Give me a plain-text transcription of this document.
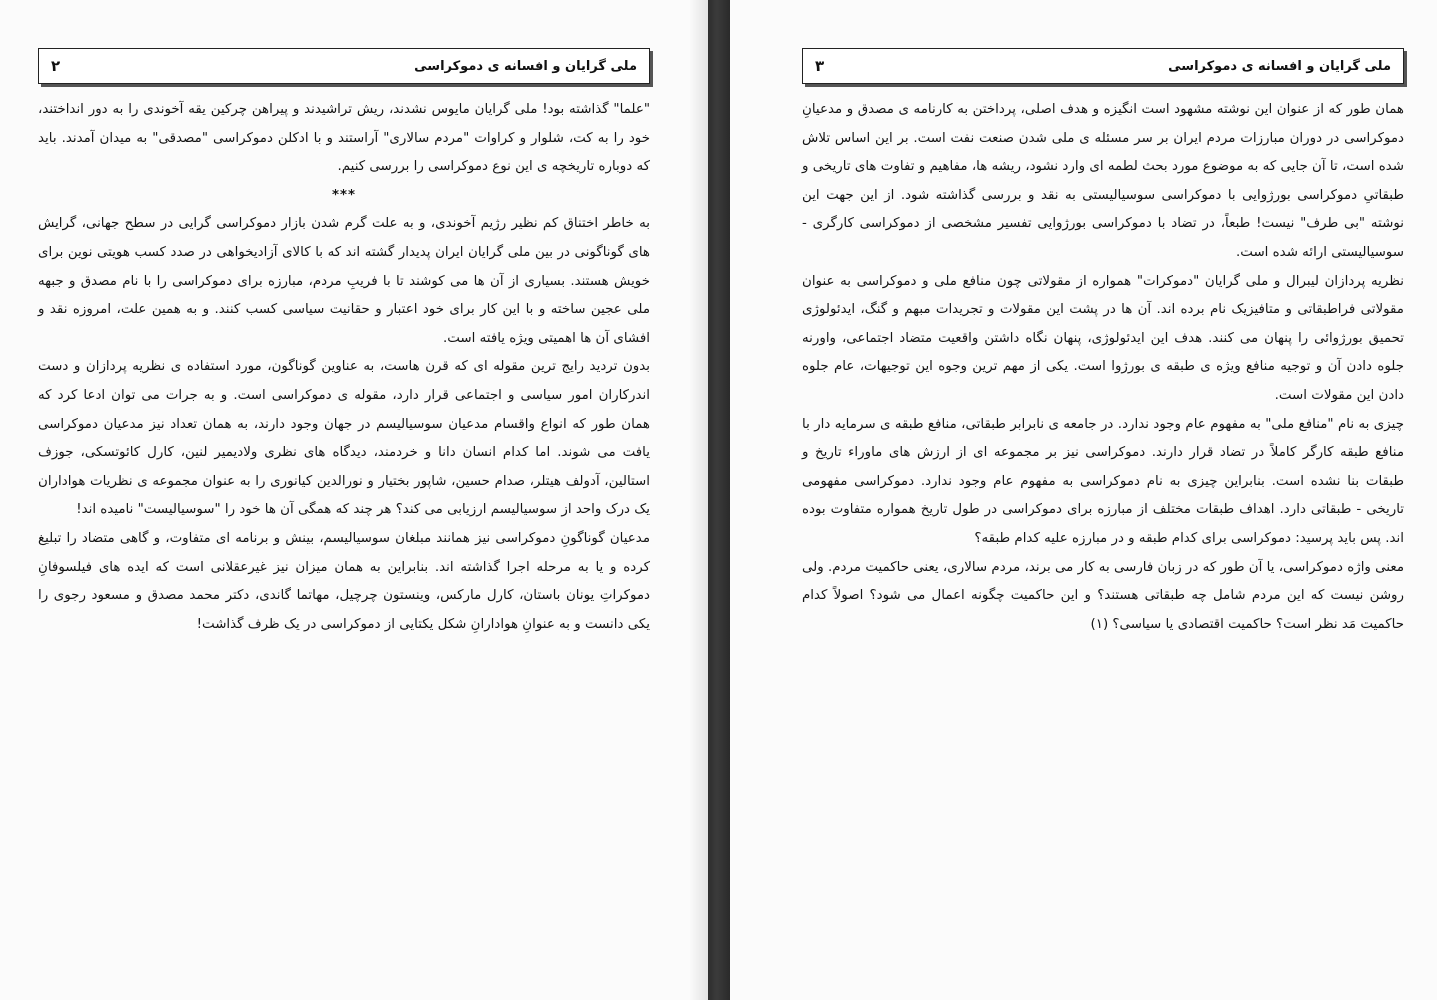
۲	ملی گرایان و افسانه ی دموکراسی

"علما" گذاشته بود! ملی گرایان مایوس نشدند، ریش تراشیدند و پیراهن چرکین یقه آخوندی را به دور انداختند، خود را به کت، شلوار و کراوات "مردم سالاری" آراستند و با ادکلن دموکراسی "مصدقی" به میدان آمدند. باید که دوباره تاریخچه ی این نوع دموکراسی را بررسی کنیم.

***

به خاطر اختناق کم نظیر رژیم آخوندی، و به علت گرم شدن بازار دموکراسی گرایی در سطح جهانی، گرایش های گوناگونی در بین ملی گرایان ایران پدیدار گشته اند که با کالای آزادیخواهی در صدد کسب هویتی نوین برای خویش هستند. بسیاری از آن ها می کوشند تا با فریبِ مردم، مبارزه برای دموکراسی را با نام مصدق و جبهه ملی عجین ساخته و با این کار برای خود اعتبار و حقانیت سیاسی کسب کنند. و به همین علت، امروزه نقد و افشای آن ها اهمیتی ویژه یافته است.

بدون تردید رایج ترین مقوله ای که قرن هاست، به عناوین گوناگون، مورد استفاده ی نظریه پردازان و دست اندرکاران امور سیاسی و اجتماعی قرار دارد، مقوله ی دموکراسی است. و به جرات می توان ادعا کرد که همان طور که انواع واقسام مدعیان سوسیالیسم در جهان وجود دارند، به همان تعداد نیز مدعیان دموکراسی یافت می شوند. اما کدام انسان دانا و خردمند، دیدگاه های نظری ولادیمیر لنین، کارل کائوتسکی، جوزف استالین، آدولف هیتلر، صدام حسین، شاپور بختیار و نورالدین کیانوری را به عنوان مجموعه ی نظریات هواداران یک درک واحد از سوسیالیسم ارزیابی می کند؟ هر چند که همگی آن ها خود را "سوسیالیست" نامیده اند!

مدعیان گوناگونِ دموکراسی نیز همانند مبلغان سوسیالیسم، بینش و برنامه ای متفاوت، و گاهی متضاد را تبلیغ کرده و یا به مرحله اجرا گذاشته اند. بنابراین به همان میزان نیز غیرعقلانی است که ایده های فیلسوفانِ دموکراتِ یونان باستان، کارل مارکس، وینستون چرچیل، مهاتما گاندی، دکتر محمد مصدق و مسعود رجوی را یکی دانست و به عنوانِ هوادارانِ شکل یکتایی از دموکراسی در یک ظرف گذاشت!

۳	ملی گرایان و افسانه ی دموکراسی

همان طور که از عنوان این نوشته مشهود است انگیزه و هدف اصلی، پرداختن به کارنامه ی مصدق و مدعیانِ دموکراسی در دوران مبارزات مردم ایران بر سر مسئله ی ملی شدن صنعت نفت است. بر این اساس تلاش شده است، تا آن جایی که به موضوع مورد بحث لطمه ای وارد نشود، ریشه ها، مفاهیم و تفاوت های تاریخی و طبقاتیِ دموکراسی بورژوایی با دموکراسی سوسیالیستی به نقد و بررسی گذاشته شود. از این جهت این نوشته "بی طرف" نیست! طبعاً، در تضاد با دموکراسی بورژوایی تفسیر مشخصی از دموکراسی کارگری - سوسیالیستی ارائه شده است.

نظریه پردازان لیبرال و ملی گرایان "دموکرات" همواره از مقولاتی چون منافع ملی و دموکراسی به عنوان مقولاتی فراطبقاتی و متافیزیک نام برده اند. آن ها در پشت این مقولات و تجریدات مبهم و گنگ، ایدئولوژی تحمیق بورژوائی را پنهان می کنند. هدف این ایدئولوژی، پنهان نگاه داشتن واقعیت متضاد اجتماعی، واورنه جلوه دادن آن و توجیه منافع ویژه ی طبقه ی بورژوا است. یکی از مهم ترین وجوه این توجیهات، عام جلوه دادن این مقولات است.

چیزی به نام "منافع ملی" به مفهوم عام وجود ندارد. در جامعه ی نابرابر طبقاتی، منافع طبقه ی سرمایه دار با منافع طبقه کارگر کاملاً در تضاد قرار دارند. دموکراسی نیز بر مجموعه ای از ارزش های ماوراء تاریخ و طبقات بنا نشده است. بنابراین چیزی به نام دموکراسی به مفهوم عام وجود ندارد. دموکراسی مفهومی تاریخی - طبقاتی دارد. اهداف طبقات مختلف از مبارزه برای دموکراسی در طول تاریخ همواره متفاوت بوده اند. پس باید پرسید: دموکراسی برای کدام طبقه و در مبارزه علیه کدام طبقه؟

معنی واژه دموکراسی، یا آن طور که در زبان فارسی به کار می برند، مردم سالاری، یعنی حاکمیت مردم. ولی روشن نیست که این مردم شامل چه طبقاتی هستند؟ و این حاکمیت چگونه اعمال می شود؟ اصولاً کدام حاکمیت مَد نظر است؟ حاکمیت اقتصادی یا سیاسی؟ (۱)
